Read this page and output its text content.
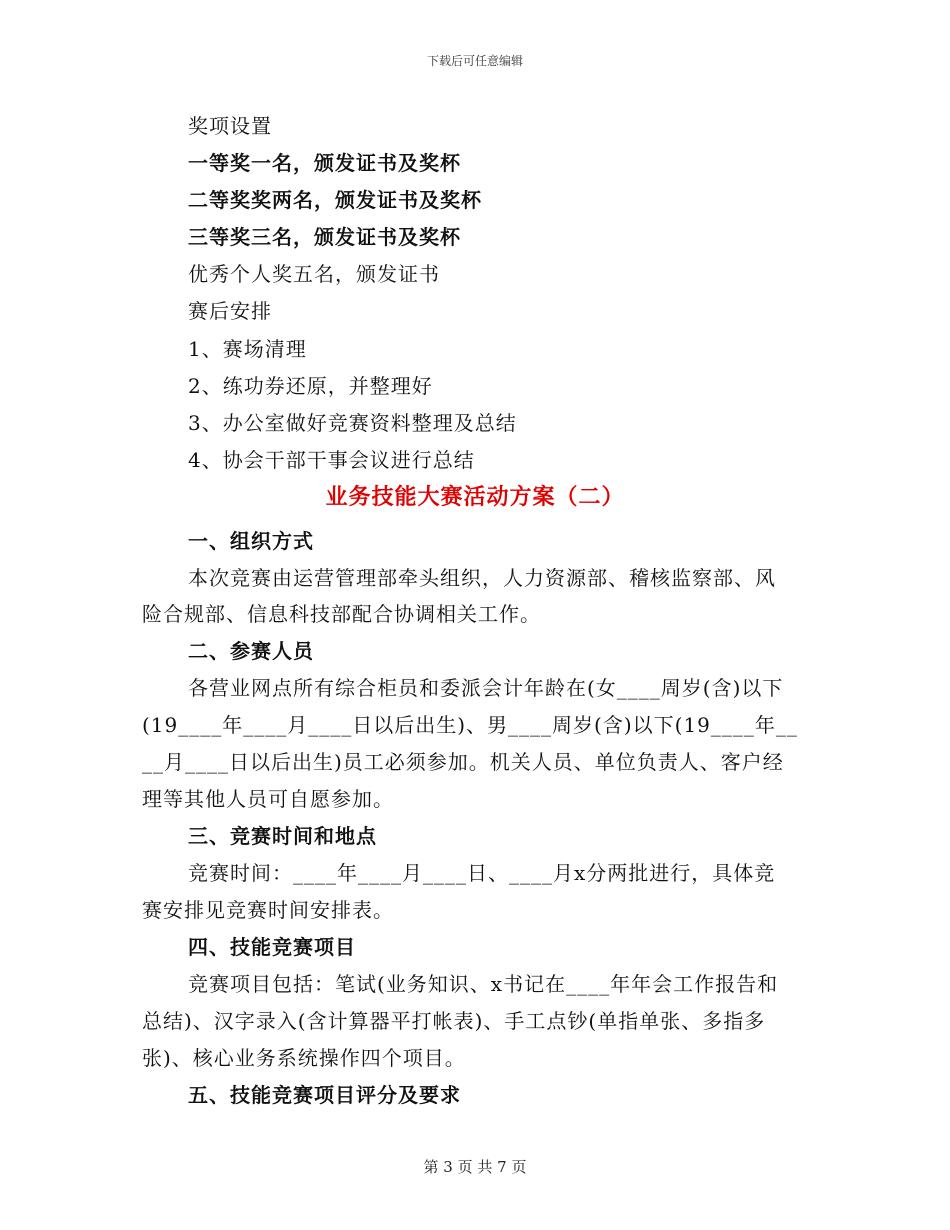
下载后可任意编辑
奖项设置
一等奖一名，颁发证书及奖杯
二等奖奖两名，颁发证书及奖杯
三等奖三名，颁发证书及奖杯
优秀个人奖五名，颁发证书
赛后安排
1、赛场清理
2、练功券还原，并整理好
3、办公室做好竞赛资料整理及总结
4、协会干部干事会议进行总结
业务技能大赛活动方案（二）
一、组织方式
本次竞赛由运营管理部牵头组织，人力资源部、稽核监察部、风
险合规部、信息科技部配合协调相关工作。
二、参赛人员
各营业网点所有综合柜员和委派会计年龄在(女____周岁(含)以下
(19____年____月____日以后出生)、男____周岁(含)以下(19____年__
__月____日以后出生)员工必须参加。机关人员、单位负责人、客户经
理等其他人员可自愿参加。
三、竞赛时间和地点
竞赛时间：____年____月____日、____月x分两批进行，具体竞
赛安排见竞赛时间安排表。
四、技能竞赛项目
竞赛项目包括：笔试(业务知识、x书记在____年年会工作报告和
总结)、汉字录入(含计算器平打帐表)、手工点钞(单指单张、多指多
张)、核心业务系统操作四个项目。
五、技能竞赛项目评分及要求
第 3 页 共 7 页
